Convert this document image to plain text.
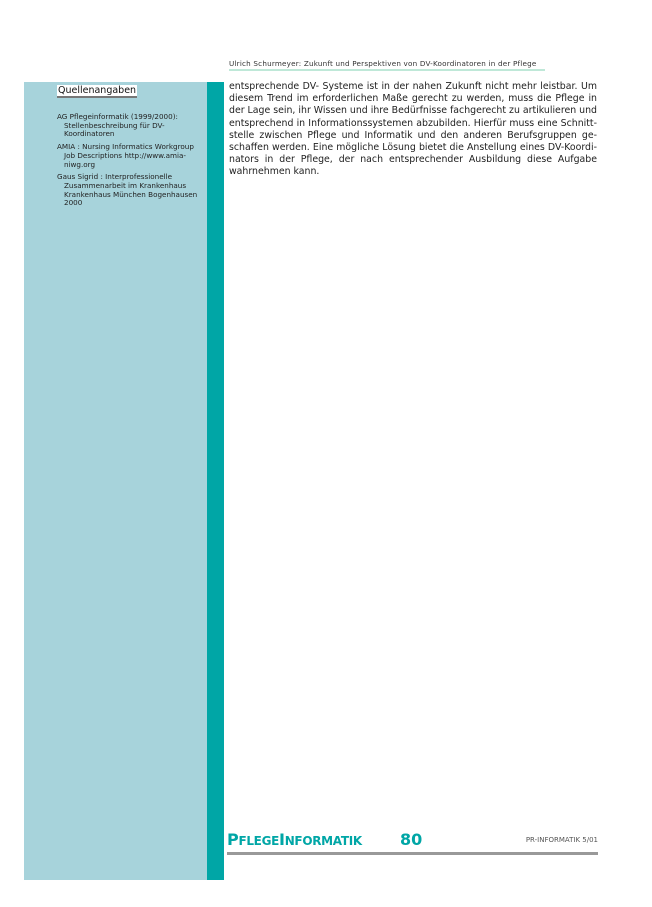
Ulrich Schurmeyer: Zukunft und Perspektiven von DV-Koordinatoren in der Pflege
Quellenangaben
AG Pflegeinformatik (1999/2000): Stellenbeschreibung für DV-Koordinatoren
AMIA : Nursing Informatics Workgroup Job Descriptions http://www.amia-niwg.org
Gaus Sigrid : Interprofessionelle Zusammenarbeit im Krankenhaus Krankenhaus München Bogenhausen 2000
entsprechende DV- Systeme ist in der nahen Zukunft nicht mehr leistbar. Um diesem Trend im erforderlichen Maße gerecht zu werden, muss die Pflege in der Lage sein, ihr Wissen und ihre Bedürfnisse fachgerecht zu artikulieren und entsprechend in Informationssystemen abzubilden. Hierfür muss eine Schnittstelle zwischen Pflege und Informatik und den anderen Berufsgruppen geschaffen werden. Eine mögliche Lösung bietet die Anstellung eines DV-Koordinators in der Pflege, der nach entsprechender Ausbildung diese Aufgabe wahrnehmen kann.
PFLEGEINFORMATIK 80	PR-INFORMATIK 5/01
